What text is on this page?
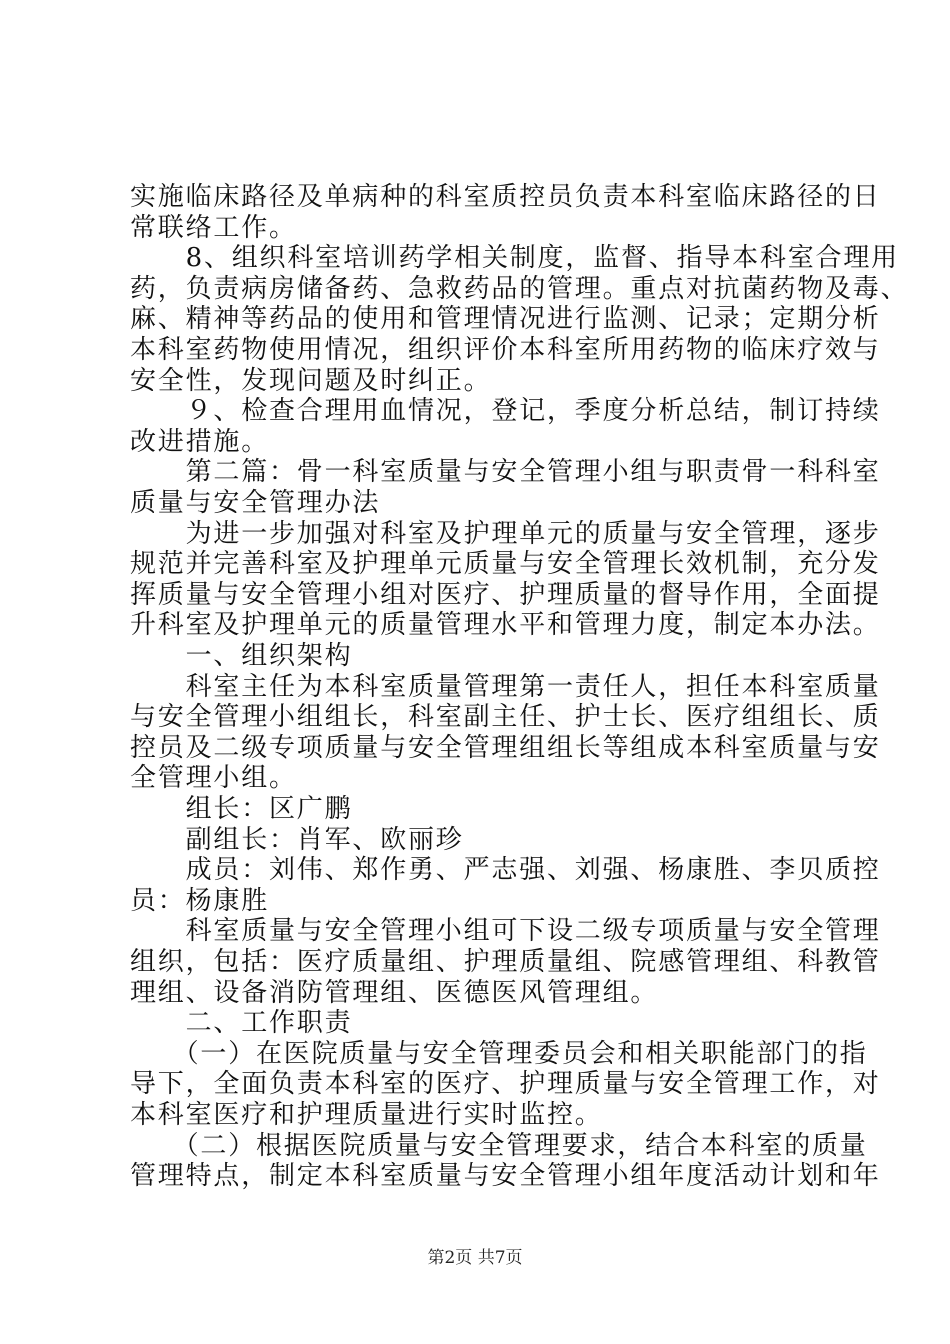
实施临床路径及单病种的科室质控员负责本科室临床路径的日
常联络工作。
　　8、组织科室培训药学相关制度，监督、指导本科室合理用
药，负责病房储备药、急救药品的管理。重点对抗菌药物及毒、
麻、精神等药品的使用和管理情况进行监测、记录；定期分析
本科室药物使用情况，组织评价本科室所用药物的临床疗效与
安全性，发现问题及时纠正。
　　９、检查合理用血情况，登记，季度分析总结，制订持续
改进措施。
　　第二篇：骨一科室质量与安全管理小组与职责骨一科科室
质量与安全管理办法
　　为进一步加强对科室及护理单元的质量与安全管理，逐步
规范并完善科室及护理单元质量与安全管理长效机制，充分发
挥质量与安全管理小组对医疗、护理质量的督导作用，全面提
升科室及护理单元的质量管理水平和管理力度，制定本办法。
　　一、组织架构
　　科室主任为本科室质量管理第一责任人，担任本科室质量
与安全管理小组组长，科室副主任、护士长、医疗组组长、质
控员及二级专项质量与安全管理组组长等组成本科室质量与安
全管理小组。
　　组长：区广鹏
　　副组长：肖军、欧丽珍
　　成员：刘伟、郑作勇、严志强、刘强、杨康胜、李贝质控
员：杨康胜
　　科室质量与安全管理小组可下设二级专项质量与安全管理
组织，包括：医疗质量组、护理质量组、院感管理组、科教管
理组、设备消防管理组、医德医风管理组。
　　二、工作职责
　　（一）在医院质量与安全管理委员会和相关职能部门的指
导下，全面负责本科室的医疗、护理质量与安全管理工作，对
本科室医疗和护理质量进行实时监控。
　　（二）根据医院质量与安全管理要求，结合本科室的质量
管理特点，制定本科室质量与安全管理小组年度活动计划和年
第2页 共7页
